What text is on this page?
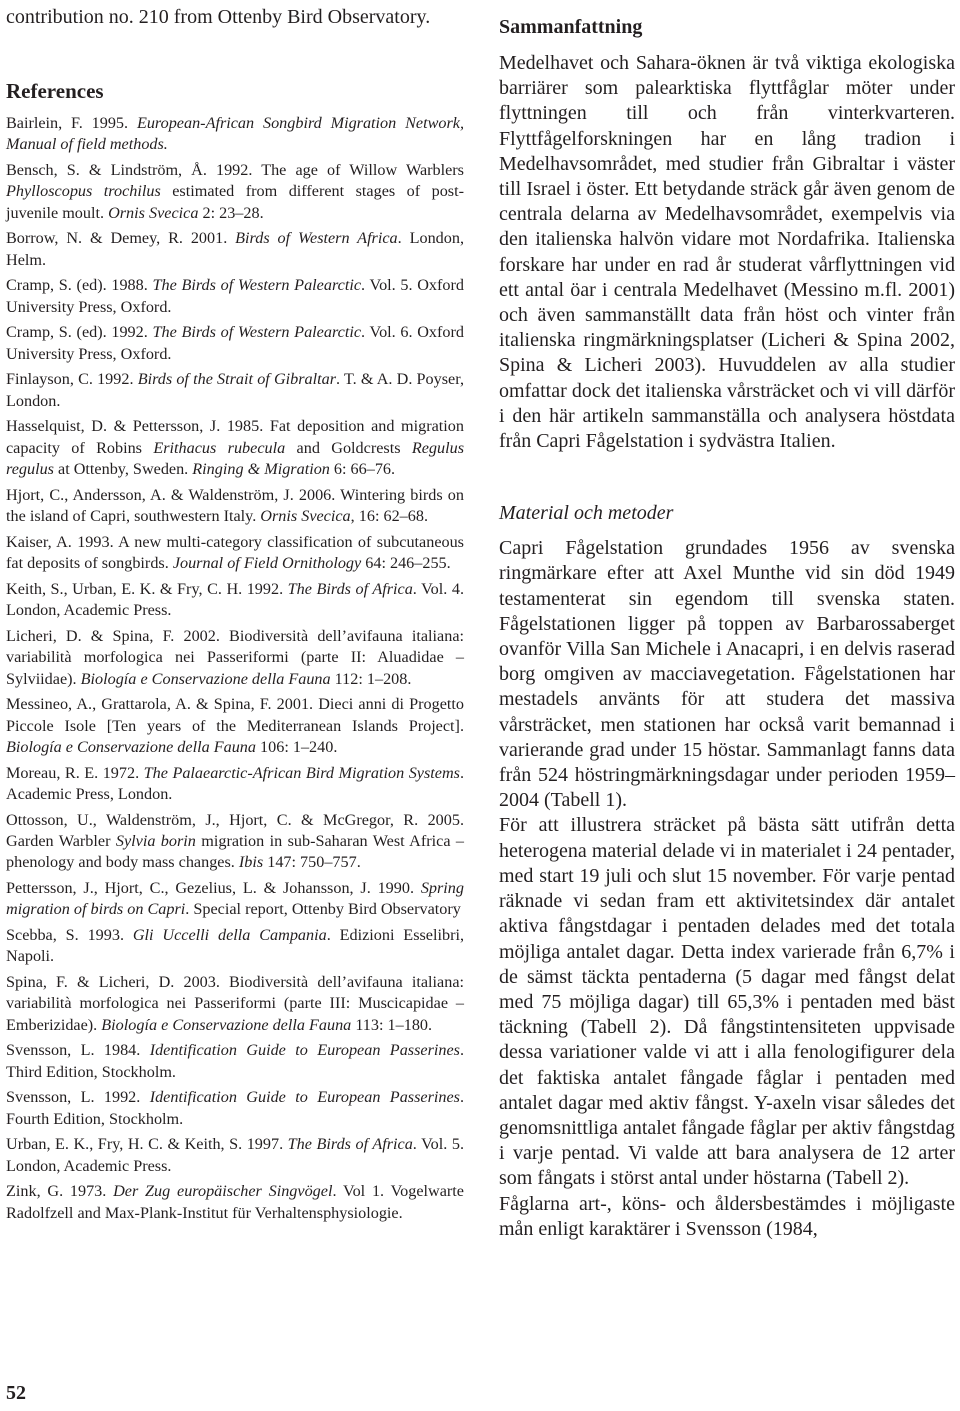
contribution no. 210 from Ottenby Bird Observatory.

References

Bairlein, F. 1995. European-African Songbird Migration Network, Manual of field methods.

Bensch, S. & Lindström, Å. 1992. The age of Willow Warblers Phylloscopus trochilus estimated from different stages of post-juvenile moult. Ornis Svecica 2: 23–28.

Borrow, N. & Demey, R. 2001. Birds of Western Africa. London, Helm.

Cramp, S. (ed). 1988. The Birds of Western Palearctic. Vol. 5. Oxford University Press, Oxford.

Cramp, S. (ed). 1992. The Birds of Western Palearctic. Vol. 6. Oxford University Press, Oxford.

Finlayson, C. 1992. Birds of the Strait of Gibraltar. T. & A. D. Poyser, London.

Hasselquist, D. & Pettersson, J. 1985. Fat deposition and migration capacity of Robins Erithacus rubecula and Goldcrests Regulus regulus at Ottenby, Sweden. Ringing & Migration 6: 66–76.

Hjort, C., Andersson, A. & Waldenström, J. 2006. Wintering birds on the island of Capri, southwestern Italy. Ornis Svecica, 16: 62–68.

Kaiser, A. 1993. A new multi-category classification of subcutaneous fat deposits of songbirds. Journal of Field Ornithology 64: 246–255.

Keith, S., Urban, E. K. & Fry, C. H. 1992. The Birds of Africa. Vol. 4. London, Academic Press.

Licheri, D. & Spina, F. 2002. Biodiversità dell’avifauna italiana: variabilità morfologica nei Passeriformi (parte II: Aluadidae – Sylviidae). Biología e Conservazione della Fauna 112: 1–208.

Messineo, A., Grattarola, A. & Spina, F. 2001. Dieci anni di Progetto Piccole Isole [Ten years of the Mediterranean Islands Project]. Biología e Conservazione della Fauna 106: 1–240.

Moreau, R. E. 1972. The Palaearctic-African Bird Migration Systems. Academic Press, London.

Ottosson, U., Waldenström, J., Hjort, C. & McGregor, R. 2005. Garden Warbler Sylvia borin migration in sub-Saharan West Africa – phenology and body mass changes. Ibis 147: 750–757.

Pettersson, J., Hjort, C., Gezelius, L. & Johansson, J. 1990. Spring migration of birds on Capri. Special report, Ottenby Bird Observatory

Scebba, S. 1993. Gli Uccelli della Campania. Edizioni Esselibri, Napoli.

Spina, F. & Licheri, D. 2003. Biodiversità dell’avifauna italiana: variabilità morfologica nei Passeriformi (parte III: Muscicapidae – Emberizidae). Biología e Conservazione della Fauna 113: 1–180.

Svensson, L. 1984. Identification Guide to European Passerines. Third Edition, Stockholm.

Svensson, L. 1992. Identification Guide to European Passerines. Fourth Edition, Stockholm.

Urban, E. K., Fry, H. C. & Keith, S. 1997. The Birds of Africa. Vol. 5. London, Academic Press.

Zink, G. 1973. Der Zug europäischer Singvögel. Vol 1. Vogelwarte Radolfzell and Max-Plank-Institut für Verhaltensphysiologie.

52
Sammanfattning

Medelhavet och Sahara-öknen är två viktiga ekologiska barriärer som palearktiska flyttfåglar möter under flyttningen till och från vinterkvarteren. Flyttfågelforskningen har en lång tradion i Medelhavsområdet, med studier från Gibraltar i väster till Israel i öster. Ett betydande sträck går även genom de centrala delarna av Medelhavsområdet, exempelvis via den italienska halvön vidare mot Nordafrika. Italienska forskare har under en rad år studerat vårflyttningen vid ett antal öar i centrala Medelhavet (Messino m.fl. 2001) och även sammanställt data från höst och vinter från italienska ringmärkningsplatser (Licheri & Spina 2002, Spina & Licheri 2003). Huvuddelen av alla studier omfattar dock det italienska vårsträcket och vi vill därför i den här artikeln sammanställa och analysera höstdata från Capri Fågelstation i sydvästra Italien.

Material och metoder

Capri Fågelstation grundades 1956 av svenska ringmärkare efter att Axel Munthe vid sin död 1949 testamenterat sin egendom till svenska staten. Fågelstationen ligger på toppen av Barbarossaberget ovanför Villa San Michele i Anacapri, i en delvis raserad borg omgiven av macciavegetation. Fågelstationen har mestadels använts för att studera det massiva vårsträcket, men stationen har också varit bemannad i varierande grad under 15 höstar. Sammanlagt fanns data från 524 höstringmärkningsdagar under perioden 1959–2004 (Tabell 1).

För att illustrera sträcket på bästa sätt utifrån detta heterogena material delade vi in materialet i 24 pentader, med start 19 juli och slut 15 november. För varje pentad räknade vi sedan fram ett aktivitetsindex där antalet aktiva fångstdagar i pentaden delades med det totala möjliga antalet dagar. Detta index varierade från 6,7% i de sämst täckta pentaderna (5 dagar med fångst delat med 75 möjliga dagar) till 65,3% i pentaden med bäst täckning (Tabell 2). Då fångstintensiteten uppvisade dessa variationer valde vi att i alla fenologifigurer dela det faktiska antalet fångade fåglar i pentaden med antalet dagar med aktiv fångst. Y-axeln visar således det genomsnittliga antalet fångade fåglar per aktiv fångstdag i varje pentad. Vi valde att bara analysera de 12 arter som fångats i störst antal under höstarna (Tabell 2).

Fåglarna art-, köns- och åldersbestämdes i möjligaste mån enligt karaktärer i Svensson (1984,
